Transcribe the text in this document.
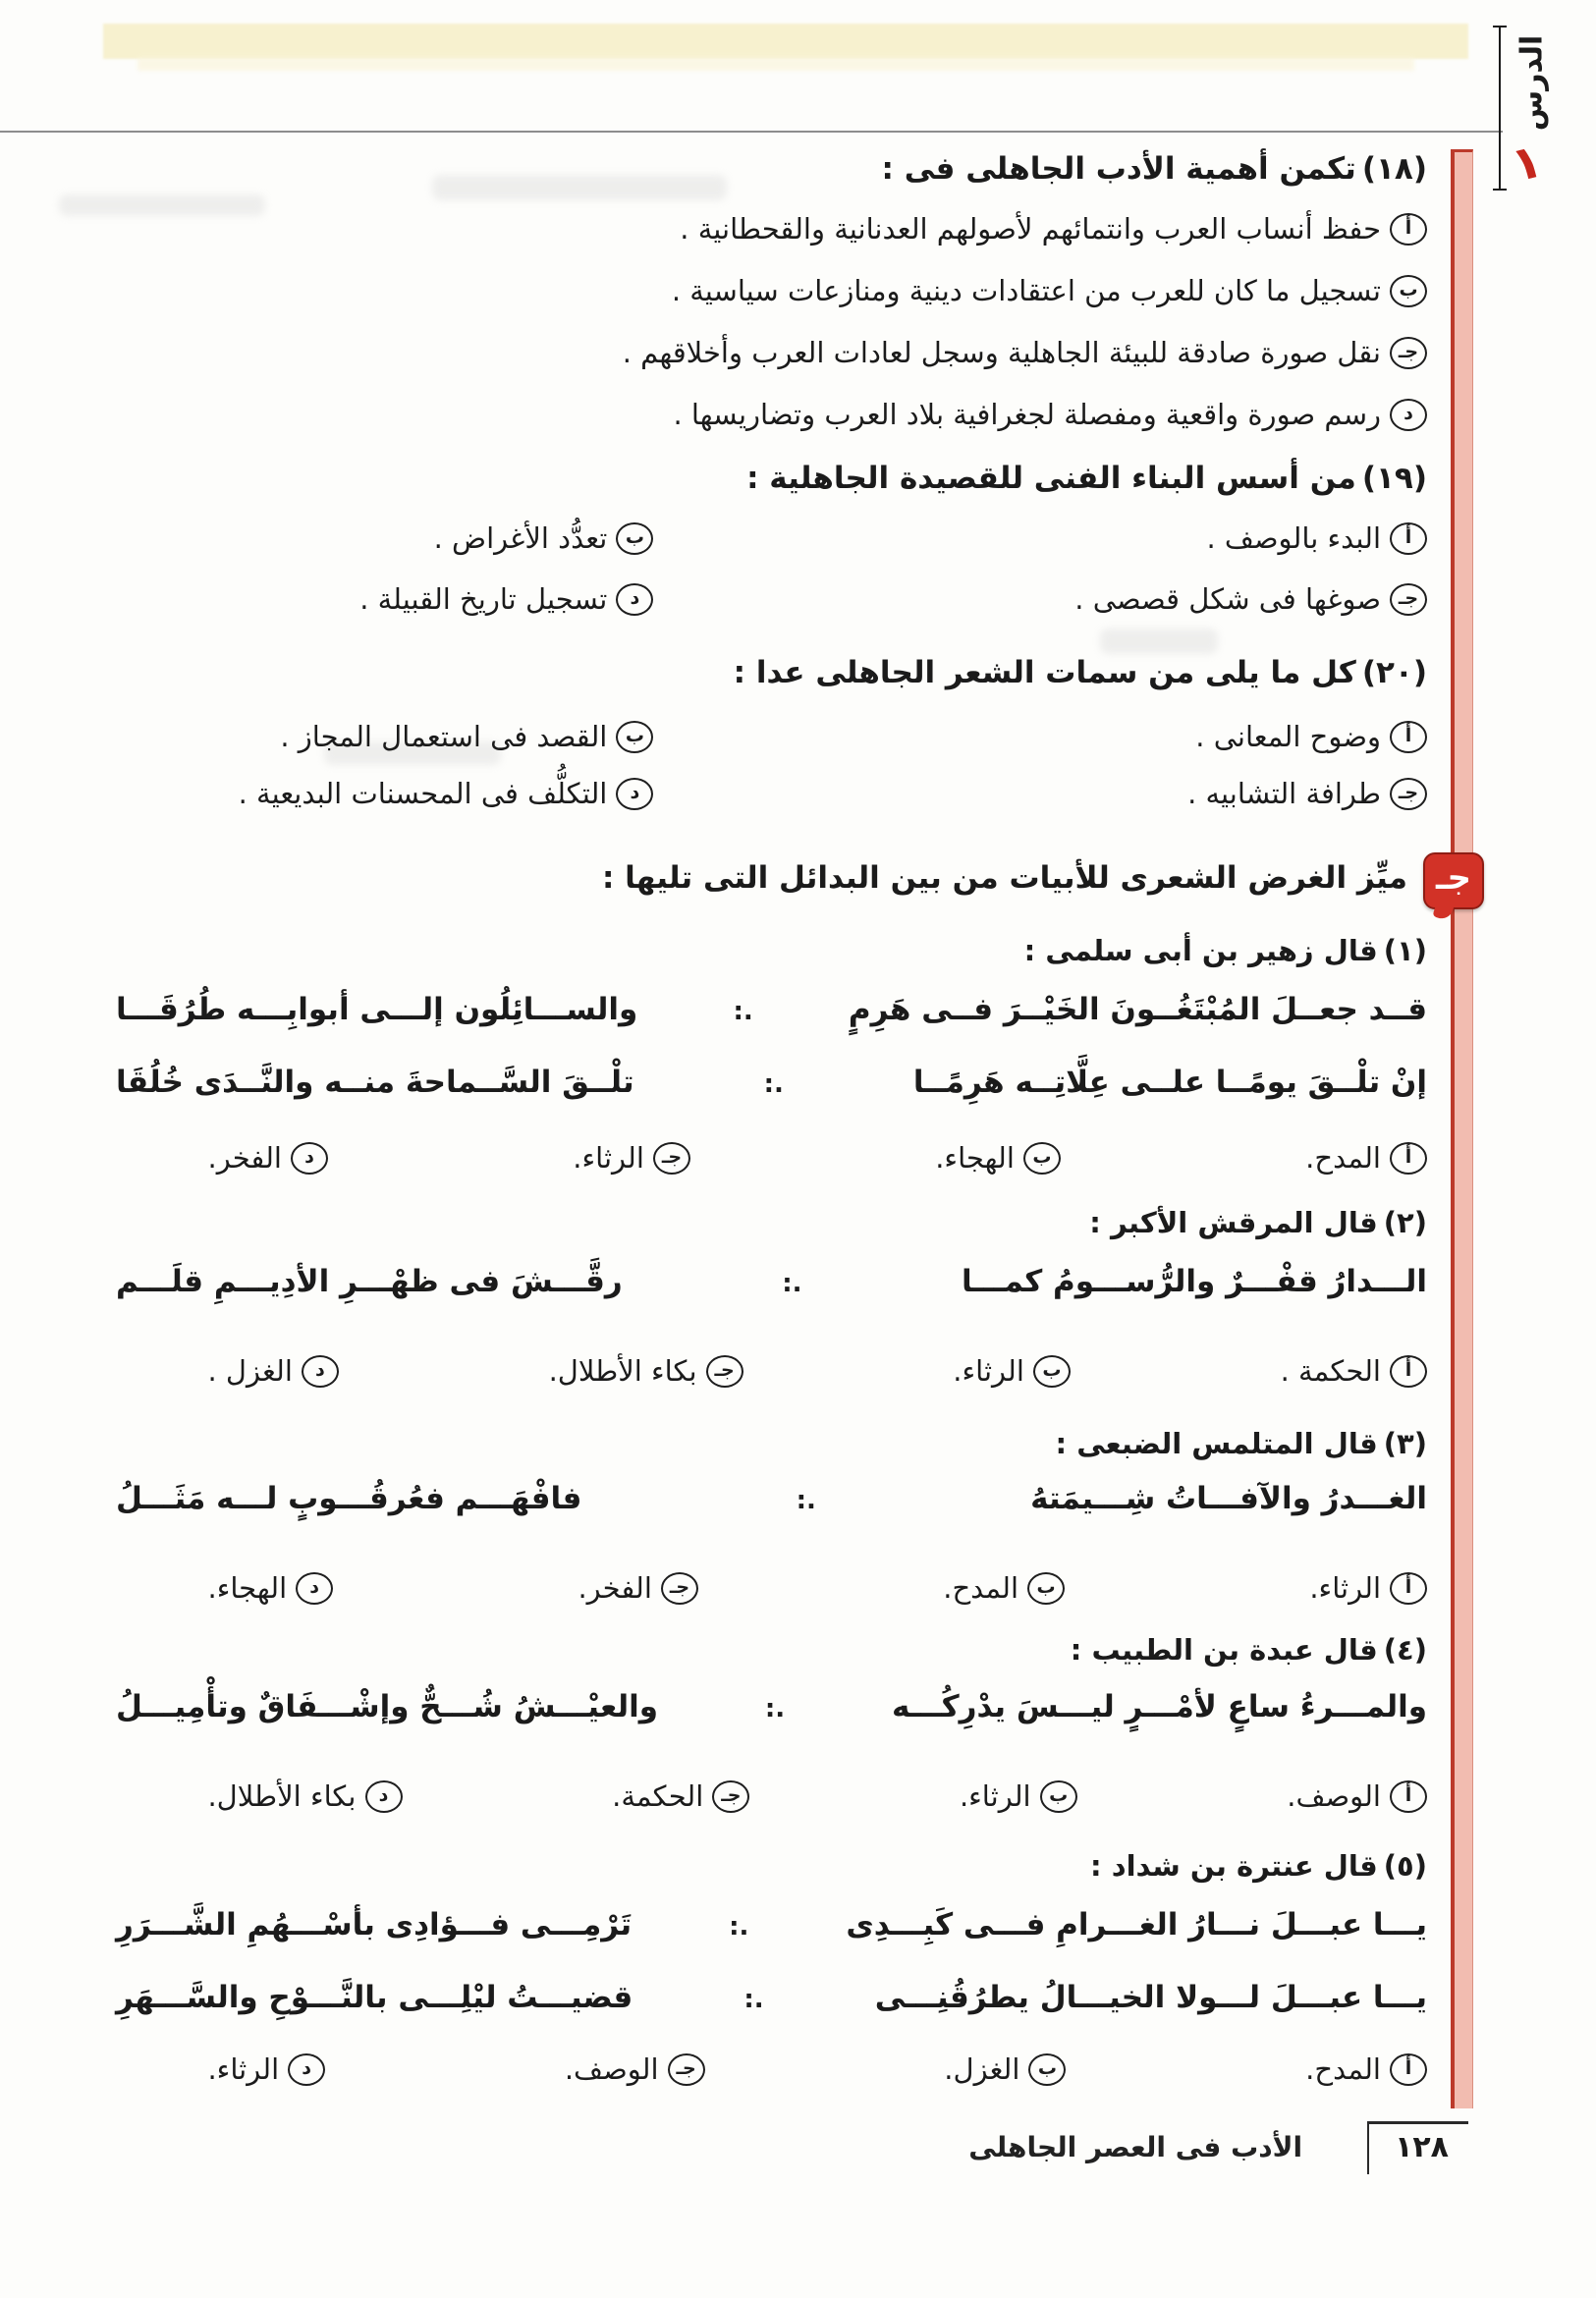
الدرس
١
(١٨)تكمن أهمية الأدب الجاهلى فى :
أ
حفظ أنساب العرب وانتمائهم لأصولهم العدنانية والقحطانية .
ب
تسجيل ما كان للعرب من اعتقادات دينية ومنازعات سياسية .
جـ
نقل صورة صادقة للبيئة الجاهلية وسجل لعادات العرب وأخلاقهم .
د
رسم صورة واقعية ومفصلة لجغرافية بلاد العرب وتضاريسها .
(١٩)من أسس البناء الفنى للقصيدة الجاهلية :
أ
البدء بالوصف .
ب
تعدُّد الأغراض .
جـ
صوغها فى شكل قصصى .
د
تسجيل تاريخ القبيلة .
(٢٠)كل ما يلى من سمات الشعر الجاهلى عدا :
أ
وضوح المعانى .
ب
القصد فى استعمال المجاز .
جـ
طرافة التشابيه .
د
التكلُّف فى المحسنات البديعية .
جـ
ميِّز الغرض الشعرى للأبيات من بين البدائل التى تليها :
(١)قال زهير بن أبى سلمى :
قــد جعــلَ المُبْتَغُــونَ الخَيْــرَ فــى هَرِمٍ
.:
والســـائِلُون إلـــى أبوابِـــه طُرُقَـــا
إنْ تلْــقَ يومًــا علــى عِلَّاتِــه هَرِمًــا
.:
تلْــقَ السَّــماحةَ منــه والنَّــدَى خُلُقَا
أ
المدح.
ب
الهجاء.
جـ
الرثاء.
د
الفخر.
(٢)قال المرقش الأكبر :
الـــدارُ قفْـــرٌ والرُّســـومُ كمـــا
.:
رقَّـــشَ فى ظهْـــرِ الأدِيـــمِ قلَـــم
أ
الحكمة .
ب
الرثاء.
جـ
بكاء الأطلال.
د
الغزل .
(٣)قال المتلمس الضبعى :
الغـــدرُ والآفـــاتُ شِـــيمَتهُ
.:
فافْهَـــم فعُرقُـــوبٍ لـــه مَثَـــلُ
أ
الرثاء.
ب
المدح.
جـ
الفخر.
د
الهجاء.
(٤)قال عبدة بن الطبيب :
والمـــرءُ ساعٍ لأمْـــرٍ ليـــسَ يدْرِكُـــه
.:
والعيْـــشُ شُـــحٌّ وإشْـــفَاقٌ وتأْمِيـــلُ
أ
الوصف.
ب
الرثاء.
جـ
الحكمة.
د
بكاء الأطلال.
(٥)قال عنترة بن شداد :
يـــا عبـــلَ نـــارُ الغـــرامِ فـــى كَبِـــدِى
.:
تَرْمِـــى فـــؤادِى بأسْـــهُمِ الشَّـــرَرِ
يـــا عبـــلَ لـــولا الخيـــالُ يطرُقُنِـــى
.:
قضيـــتُ ليْلِـــى بالنَّـــوْحِ والسَّـــهَرِ
أ
المدح.
ب
الغزل.
جـ
الوصف.
د
الرثاء.
١٢٨
الأدب فى العصر الجاهلى
